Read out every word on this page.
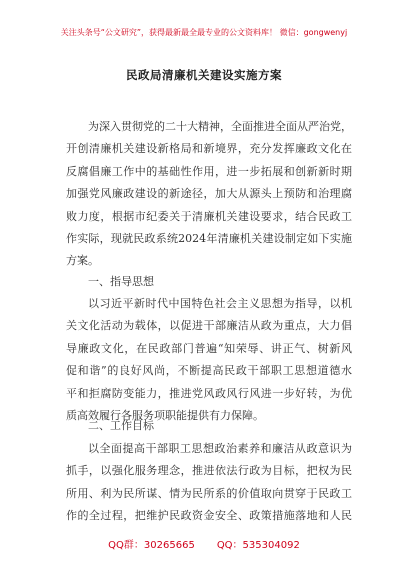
关注头条号“公文研究”，获得最新最全最专业的公文资料库！ 微信：gongwenyj
民政局清廉机关建设实施方案
为深入贯彻党的二十大精神，全面推进全面从严治党，
开创清廉机关建设新格局和新境界，充分发挥廉政文化在
反腐倡廉工作中的基础性作用，进一步拓展和创新新时期
加强党风廉政建设的新途径，加大从源头上预防和治理腐
败力度，根据市纪委关于清廉机关建设要求，结合民政工
作实际，现就民政系统2024年清廉机关建设制定如下实施
方案。
一、指导思想
以习近平新时代中国特色社会主义思想为指导，以机
关文化活动为载体，以促进干部廉洁从政为重点，大力倡
导廉政文化，在民政部门普遍“知荣辱、讲正气、树新风
促和谐”的良好风尚，不断提高民政干部职工思想道德水
平和拒腐防变能力，推进党风政风行风进一步好转，为优
质高效履行各服务项职能提供有力保障。
二、工作目标
以全面提高干部职工思想政治素养和廉洁从政意识为
抓手，以强化服务理念，推进依法行政为目标，把权为民
所用、利为民所谋、情为民所系的价值取向贯穿于民政工
作的全过程，把维护民政资金安全、政策措施落地和人民
QQ群：30265665 QQ：535304092
